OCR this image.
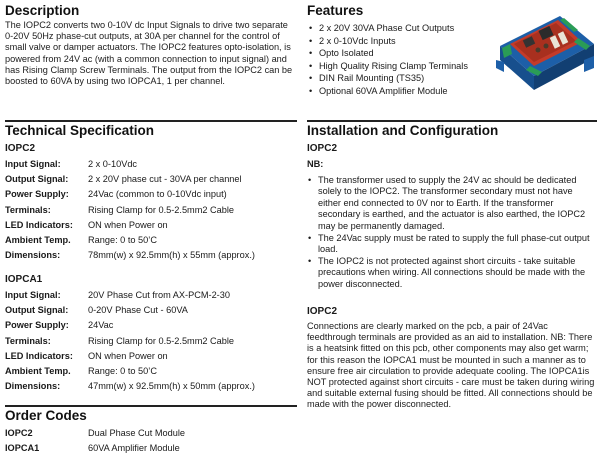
Description

The IOPC2 converts two 0-10V dc Input Signals to drive two separate 0-20V 50Hz phase-cut outputs, at 30A per channel for the control of small valve or damper actuators. The IOPC2 features opto-isolation, is powered from 24V ac (with a common connection to input signal) and has Rising Clamp Screw Terminals. The output from the IOPC2 can be boosted to 60VA by using two IOPCA1, 1 per channel.

Technical Specification
IOPC2
Input Signal:	2 x 0-10Vdc
Output Signal:	2 x 20V phase cut - 30VA per channel
Power Supply:	24Vac (common to 0-10Vdc input)
Terminals:	Rising Clamp for 0.5-2.5mm2 Cable
LED Indicators:	ON when Power on
Ambient Temp.	Range: 0 to 50’C
Dimensions:	78mm(w) x 92.5mm(h) x 55mm (approx.)
IOPCA1
Input Signal:	20V Phase Cut from AX-PCM-2-30
Output Signal:	0-20V Phase Cut - 60VA
Power Supply:	24Vac
Terminals:	Rising Clamp for 0.5-2.5mm2 Cable
LED Indicators:	ON when Power on
Ambient Temp.	Range: 0 to 50’C
Dimensions:	47mm(w) x 92.5mm(h) x 50mm (approx.)
Order Codes
IOPC2	Dual Phase Cut Module
IOPCA1	60VA Amplifier Module
Features
• 2 x 20V 30VA Phase Cut Outputs
• 2 x 0-10Vdc Inputs
• Opto Isolated
• High Quality Rising Clamp Terminals
• DIN Rail Mounting (TS35)
• Optional 60VA Amplifier Module
Installation and Configuration
IOPC2

NB:

• The transformer used to supply the 24V ac should be dedicated solely to the IOPC2. The transformer secondary must not have either end connected to 0V nor to Earth. If the transformer secondary is earthed, and the actuator is also earthed, the IOPC2 may be permanently damaged.
• The 24Vac supply must be rated to supply the full phase-cut output load.
• The IOPC2 is not protected against short circuits - take suitable precautions when wiring. All connections should be made with the power disconnected.
IOPC2

Connections are clearly marked on the pcb, a pair of 24Vac feedthrough terminals are provided as an aid to installation. NB: There is a heatsink fitted on this pcb, other components may also get warm; for this reason the IOPCA1 must be mounted in such a manner as to ensure free air circulation to provide adequate cooling. The IOPCA1is NOT protected against short circuits - care must be taken during wiring and suitable external fusing should be fitted. All connections should be made with the power disconnected.
